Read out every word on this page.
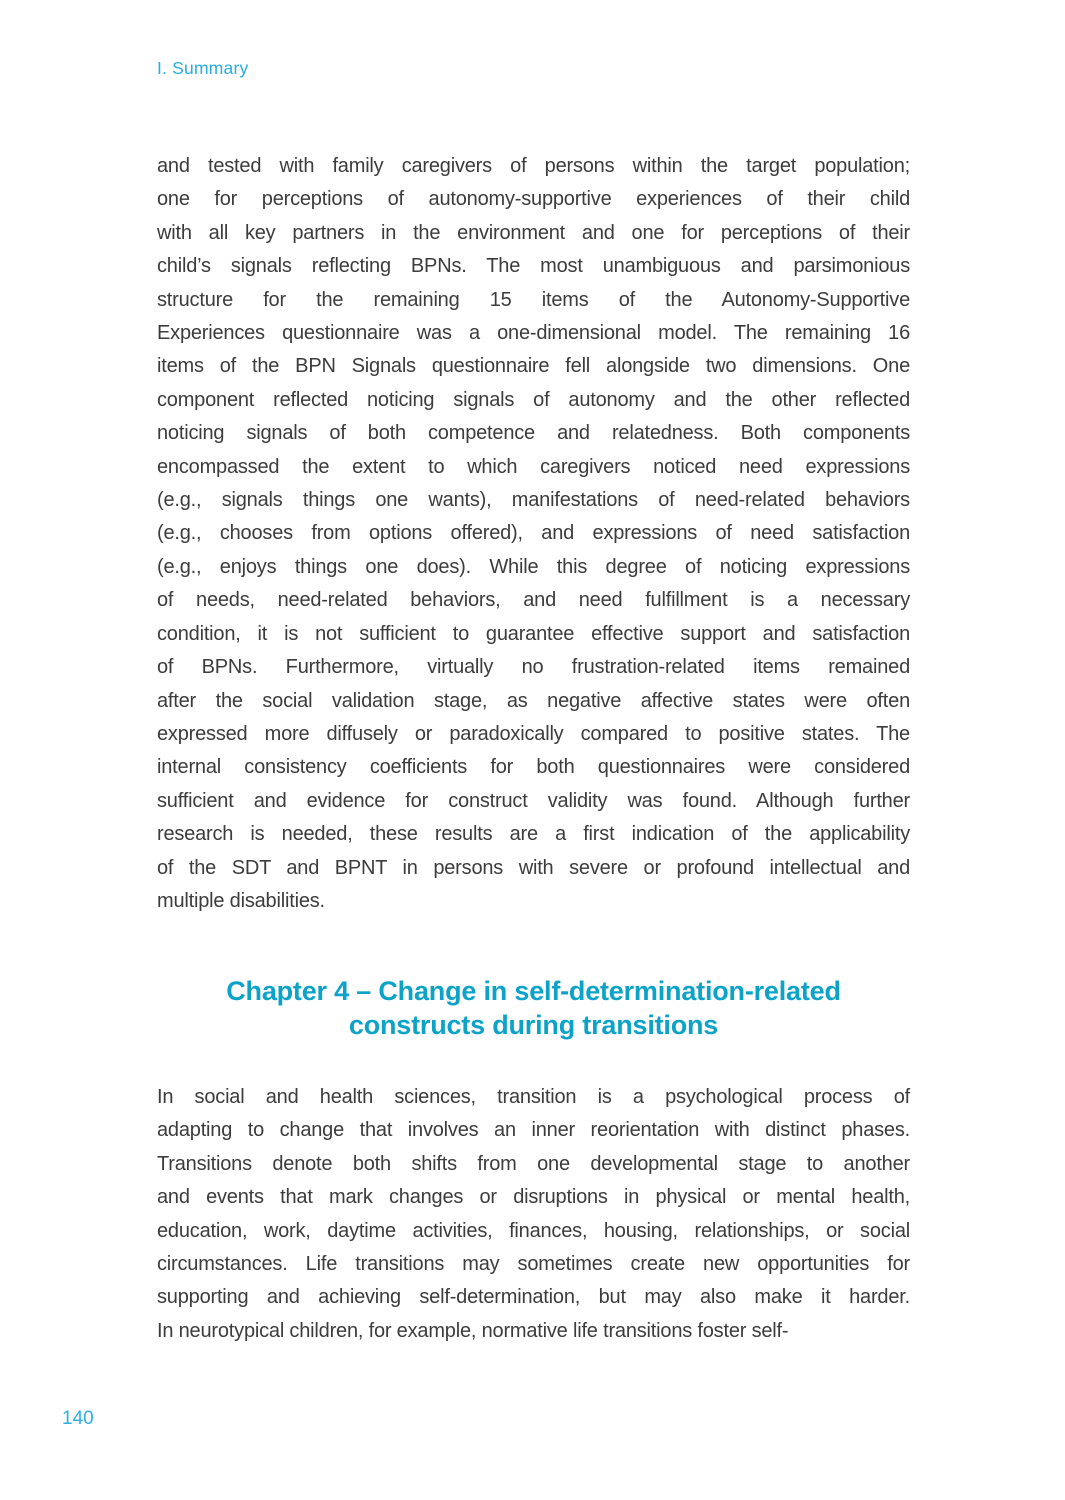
I. Summary
and tested with family caregivers of persons within the target population;
one for perceptions of autonomy-supportive experiences of their child
with all key partners in the environment and one for perceptions of their
child’s signals reflecting BPNs. The most unambiguous and parsimonious
structure for the remaining 15 items of the Autonomy-Supportive
Experiences questionnaire was a one-dimensional model. The remaining 16
items of the BPN Signals questionnaire fell alongside two dimensions. One
component reflected noticing signals of autonomy and the other reflected
noticing signals of both competence and relatedness. Both components
encompassed the extent to which caregivers noticed need expressions
(e.g., signals things one wants), manifestations of need-related behaviors
(e.g., chooses from options offered), and expressions of need satisfaction
(e.g., enjoys things one does). While this degree of noticing expressions
of needs, need-related behaviors, and need fulfillment is a necessary
condition, it is not sufficient to guarantee effective support and satisfaction
of BPNs. Furthermore, virtually no frustration-related items remained
after the social validation stage, as negative affective states were often
expressed more diffusely or paradoxically compared to positive states. The
internal consistency coefficients for both questionnaires were considered
sufficient and evidence for construct validity was found. Although further
research is needed, these results are a first indication of the applicability
of the SDT and BPNT in persons with severe or profound intellectual and
multiple disabilities.
Chapter 4 – Change in self-determination-related
constructs during transitions
In social and health sciences, transition is a psychological process of
adapting to change that involves an inner reorientation with distinct phases.
Transitions denote both shifts from one developmental stage to another
and events that mark changes or disruptions in physical or mental health,
education, work, daytime activities, finances, housing, relationships, or social
circumstances. Life transitions may sometimes create new opportunities for
supporting and achieving self-determination, but may also make it harder.
In neurotypical children, for example, normative life transitions foster self-
140
